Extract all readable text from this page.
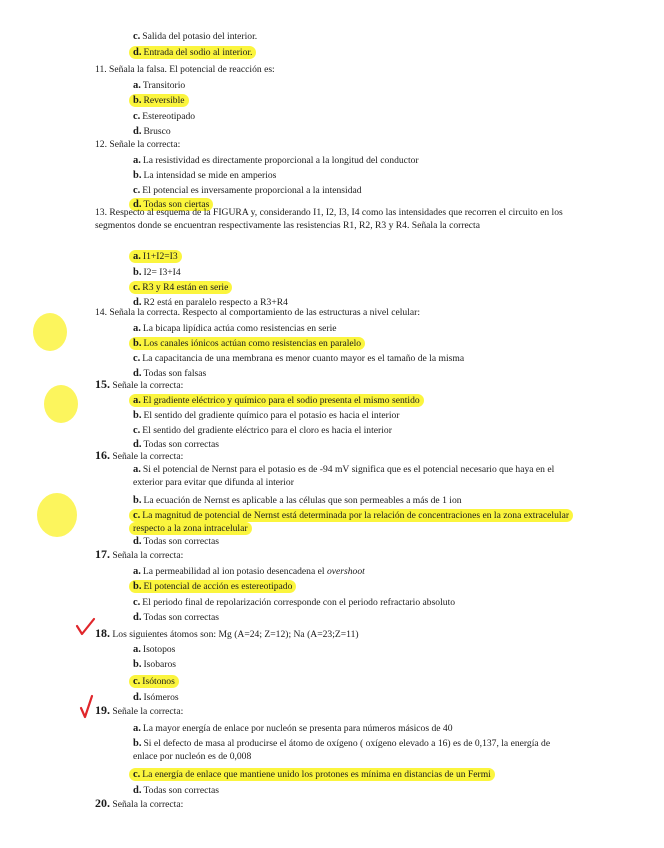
c. Salida del potasio del interior.
d. Entrada del sodio al interior.
11. Señala la falsa. El potencial de reacción es:
a. Transitorio
b. Reversible
c. Estereotipado
d. Brusco
12. Señale la correcta:
a. La resistividad es directamente proporcional a la longitud del conductor
b. La intensidad se mide en amperios
c. El potencial es inversamente proporcional a la intensidad
d. Todas son ciertas
13. Respecto al esquema de la FIGURA y, considerando I1, I2, I3, I4 como las intensidades que recorren el circuito en los segmentos donde se encuentran respectivamente las resistencias R1, R2, R3 y R4. Señala la correcta
a. I1+I2=I3
b. I2= I3+I4
c. R3 y R4 están en serie
d. R2 está en paralelo respecto a R3+R4
14. Señala la correcta. Respecto al comportamiento de las estructuras a nivel celular:
a. La bicapa lipídica actúa como resistencias en serie
b. Los canales iónicos actúan como resistencias en paralelo
c. La capacitancia de una membrana es menor cuanto mayor es el tamaño de la misma
d. Todas son falsas
15. Señale la correcta:
a. El gradiente eléctrico y químico para el sodio presenta el mismo sentido
b. El sentido del gradiente químico para el potasio es hacia el interior
c. El sentido del gradiente eléctrico para el cloro es hacia el interior
d. Todas son correctas
16. Señale la correcta:
a. Si el potencial de Nernst para el potasio es de -94 mV significa que es el potencial necesario que haya en el exterior para evitar que difunda al interior
b. La ecuación de Nernst es aplicable a las células que son permeables a más de 1 ion
c. La magnitud de potencial de Nernst está determinada por la relación de concentraciones en la zona extracelular respecto a la zona intracelular
d. Todas son correctas
17. Señala la correcta:
a. La permeabilidad al ion potasio desencadena el overshoot
b. El potencial de acción es estereotipado
c. El periodo final de repolarización corresponde con el periodo refractario absoluto
d. Todas son correctas
18. Los siguientes átomos son: Mg (A=24; Z=12); Na (A=23;Z=11)
a. Isotopos
b. Isobaros
c. Isótonos
d. Isómeros
19. Señale la correcta:
a. La mayor energía de enlace por nucleón se presenta para números másicos de 40
b. Si el defecto de masa al producirse el átomo de oxígeno ( oxígeno elevado a 16) es de 0,137, la energía de enlace por nucleón es de 0,008
c. La energía de enlace que mantiene unido los protones es mínima en distancias de un Fermi
d. Todas son correctas
20. Señala la correcta:
